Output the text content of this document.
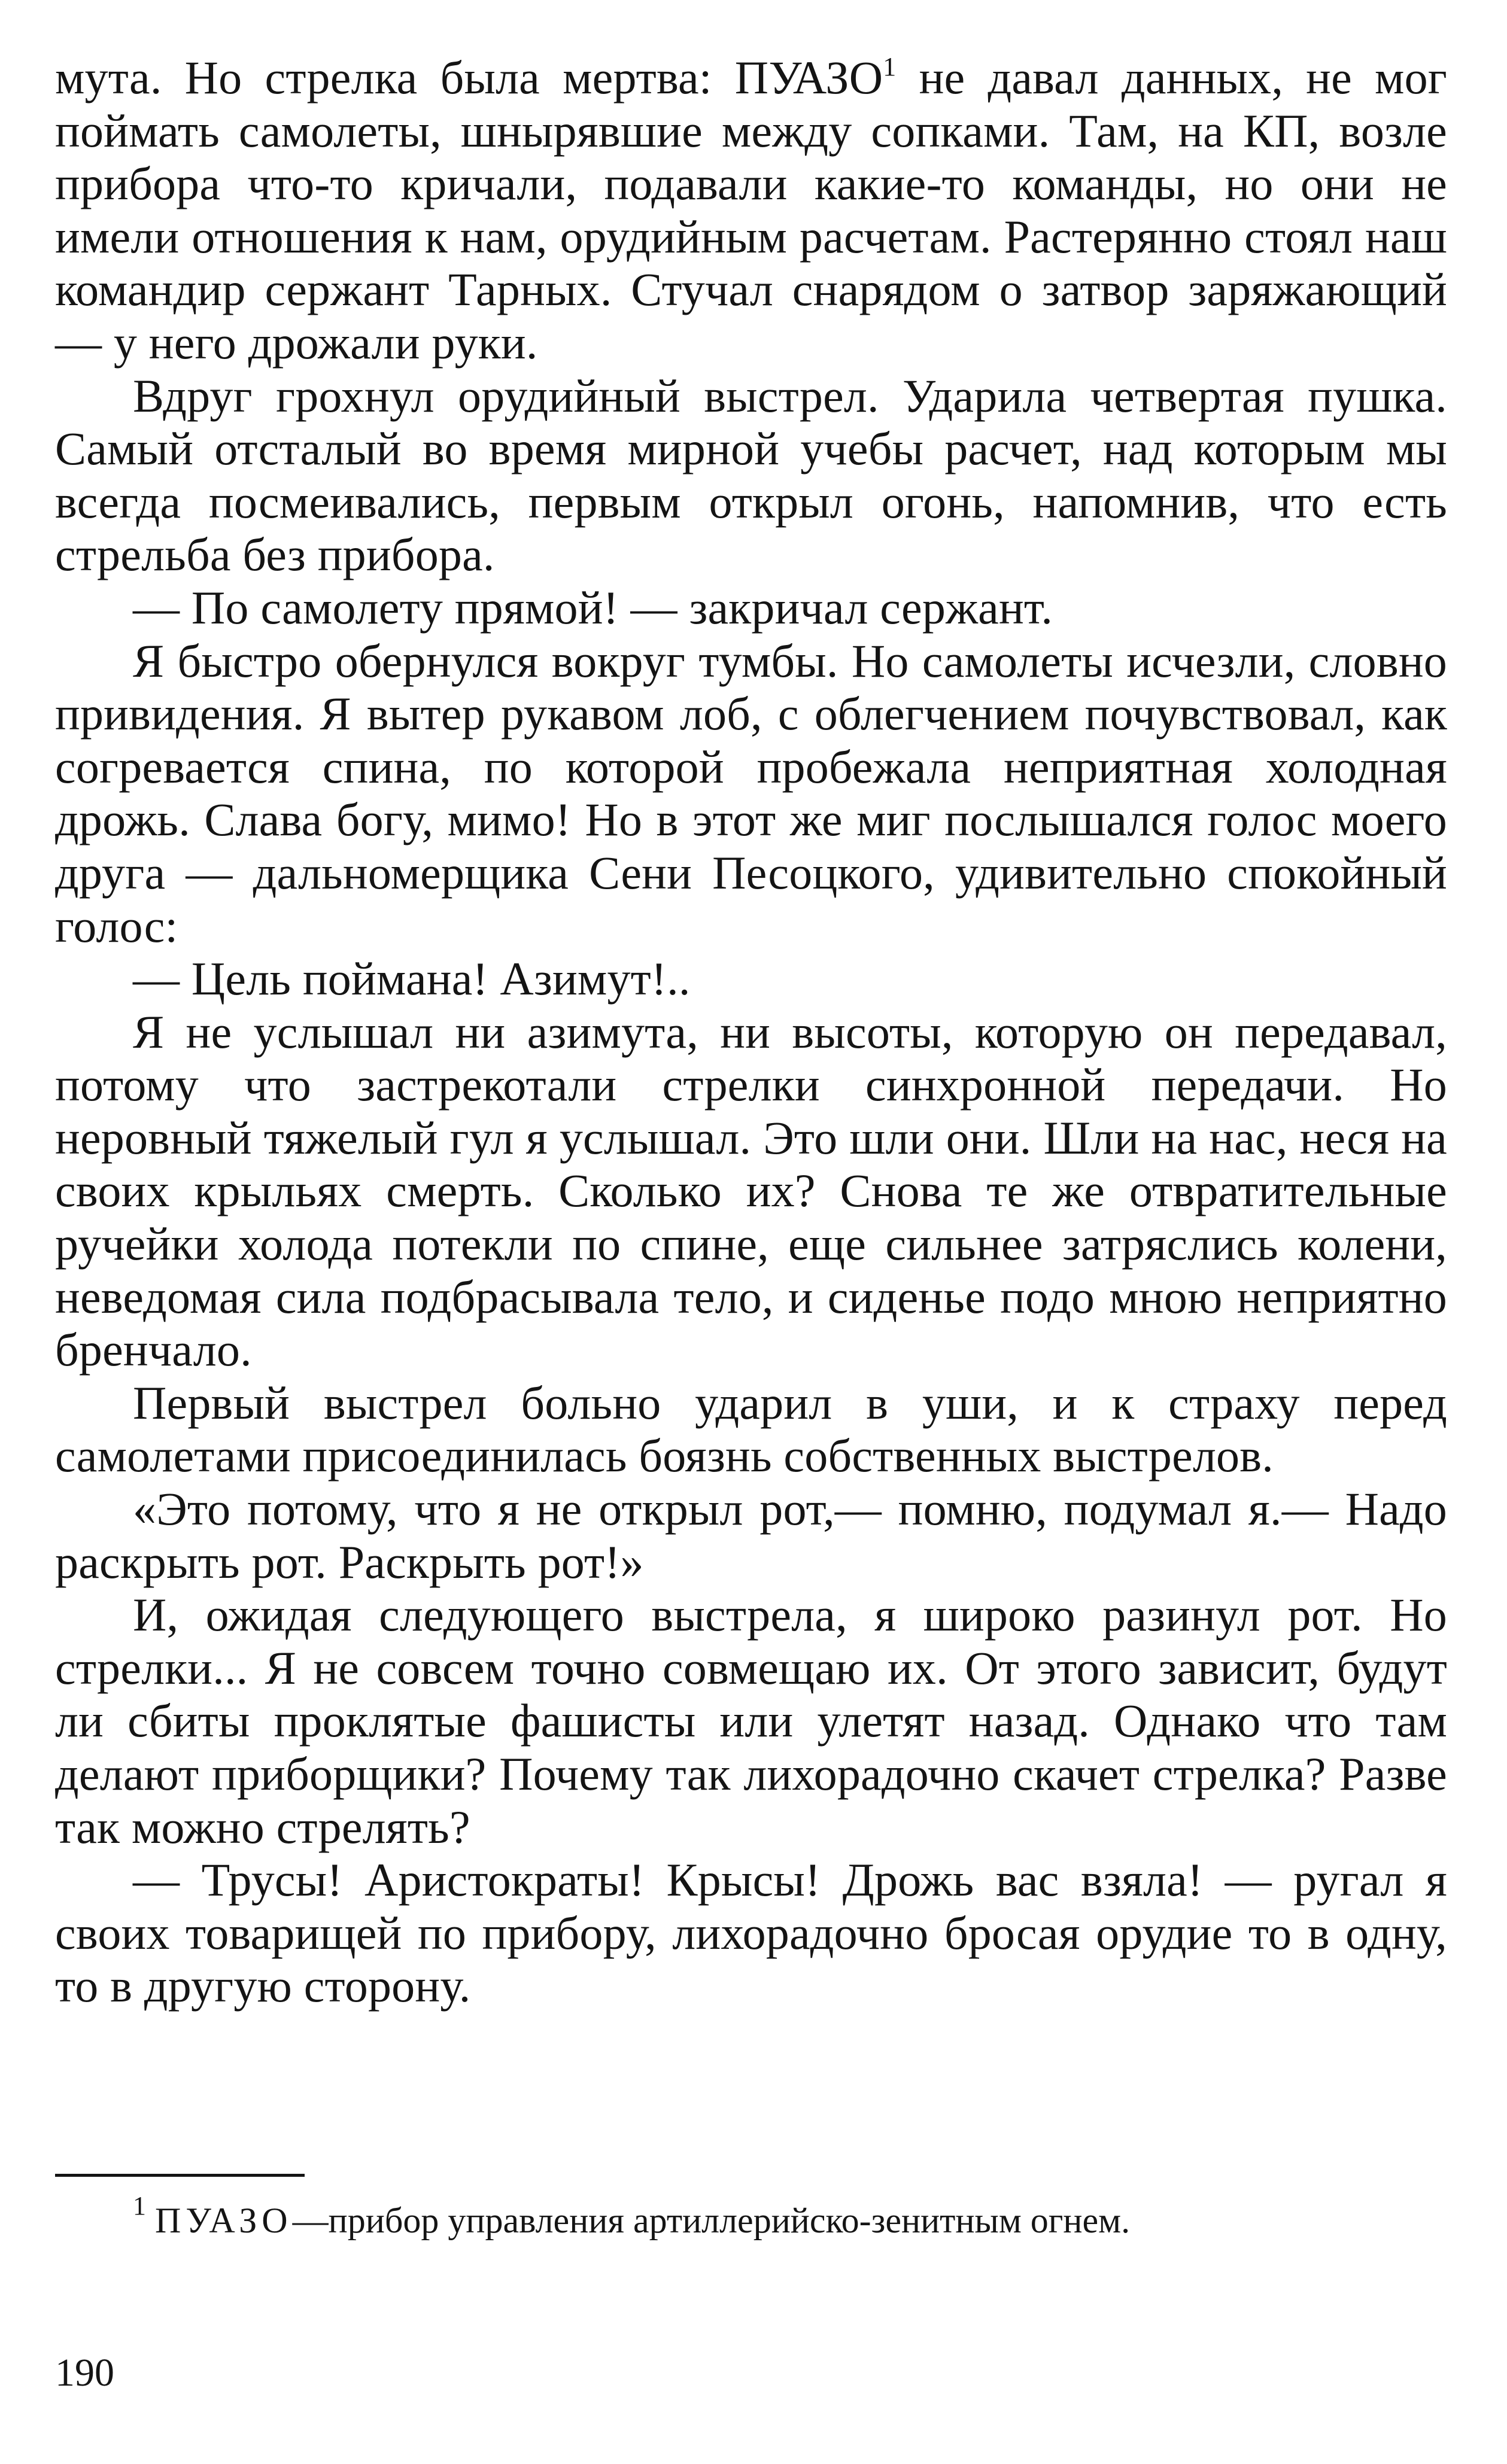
мута. Но стрелка была мертва: ПУАЗО$^1$ не давал данных, не мог поймать самолеты, шнырявшие между сопками. Там, на КП, возле прибора что-то кричали, подавали какие-то команды, но они не имели отношения к нам, орудийным расчетам. Растерянно стоял наш командир сержант Тарных. Стучал снарядом о затвор заряжающий — у него дрожали руки.

Вдруг грохнул орудийный выстрел. Ударила четвертая пушка. Самый отсталый во время мирной учебы расчет, над которым мы всегда посмеивались, первым открыл огонь, напомнив, что есть стрельба без прибора.

— По самолету прямой! — закричал сержант.

Я быстро обернулся вокруг тумбы. Но самолеты исчезли, словно привидения. Я вытер рукавом лоб, с облегчением почувствовал, как согревается спина, по которой пробежала неприятная холодная дрожь. Слава богу, мимо! Но в этот же миг послышался голос моего друга — дальномерщика Сени Песоцкого, удивительно спокойный голос:

— Цель поймана! Азимут!..

Я не услышал ни азимута, ни высоты, которую он передавал, потому что застрекотали стрелки синхронной передачи. Но неровный тяжелый гул я услышал. Это шли они. Шли на нас, неся на своих крыльях смерть. Сколько их? Снова те же отвратительные ручейки холода потекли по спине, еще сильнее затряслись колени, неведомая сила подбрасывала тело, и сиденье подо мною неприятно бренчало.

Первый выстрел больно ударил в уши, и к страху перед самолетами присоединилась боязнь собственных выстрелов.

«Это потому, что я не открыл рот,— помню, подумал я.— Надо раскрыть рот. Раскрыть рот!»

И, ожидая следующего выстрела, я широко разинул рот. Но стрелки... Я не совсем точно совмещаю их. От этого зависит, будут ли сбиты проклятые фашисты или улетят назад. Однако что там делают приборщики? Почему так лихорадочно скачет стрелка? Разве так можно стрелять?

— Трусы! Аристократы! Крысы! Дрожь вас взяла! — ругал я своих товарищей по прибору, лихорадочно бросая орудие то в одну, то в другую сторону.

$^1$ ПУАЗО—прибор управления артиллерийско-зенитным огнем.

190
